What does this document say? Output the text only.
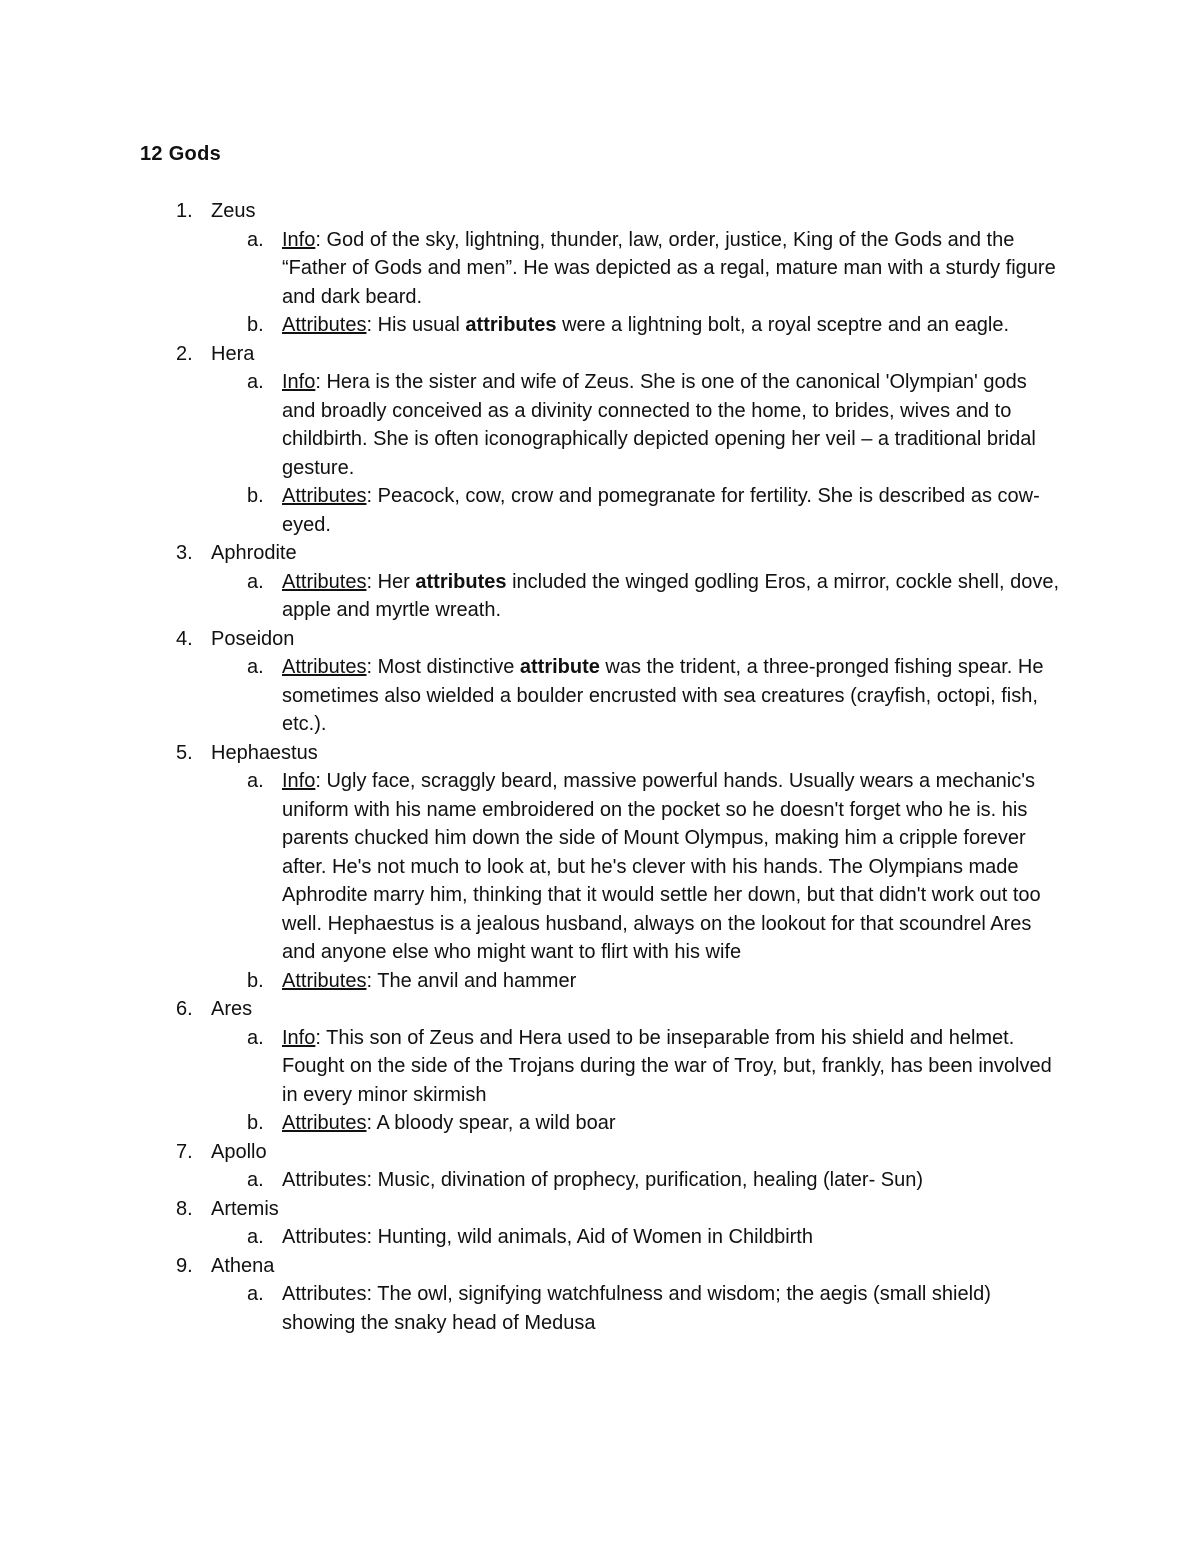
12 Gods
1. Zeus
a. Info: God of the sky, lightning, thunder, law, order, justice, King of the Gods and the “Father of Gods and men”. He was depicted as a regal, mature man with a sturdy figure and dark beard.
b. Attributes: His usual attributes were a lightning bolt, a royal sceptre and an eagle.
2. Hera
a. Info: Hera is the sister and wife of Zeus. She is one of the canonical 'Olympian' gods and broadly conceived as a divinity connected to the home, to brides, wives and to childbirth. She is often iconographically depicted opening her veil – a traditional bridal gesture.
b. Attributes: Peacock, cow, crow and pomegranate for fertility. She is described as cow-eyed.
3. Aphrodite
a. Attributes: Her attributes included the winged godling Eros, a mirror, cockle shell, dove, apple and myrtle wreath.
4. Poseidon
a. Attributes: Most distinctive attribute was the trident, a three-pronged fishing spear. He sometimes also wielded a boulder encrusted with sea creatures (crayfish, octopi, fish, etc.).
5. Hephaestus
a. Info: Ugly face, scraggly beard, massive powerful hands. Usually wears a mechanic's uniform with his name embroidered on the pocket so he doesn't forget who he is. his parents chucked him down the side of Mount Olympus, making him a cripple forever after. He's not much to look at, but he's clever with his hands. The Olympians made Aphrodite marry him, thinking that it would settle her down, but that didn't work out too well. Hephaestus is a jealous husband, always on the lookout for that scoundrel Ares and anyone else who might want to flirt with his wife
b. Attributes: The anvil and hammer
6. Ares
a. Info: This son of Zeus and Hera used to be inseparable from his shield and helmet. Fought on the side of the Trojans during the war of Troy, but, frankly, has been involved in every minor skirmish
b. Attributes: A bloody spear, a wild boar
7. Apollo
a. Attributes: Music, divination of prophecy, purification, healing (later- Sun)
8. Artemis
a. Attributes: Hunting, wild animals, Aid of Women in Childbirth
9. Athena
a. Attributes: The owl, signifying watchfulness and wisdom; the aegis (small shield) showing the snaky head of Medusa
